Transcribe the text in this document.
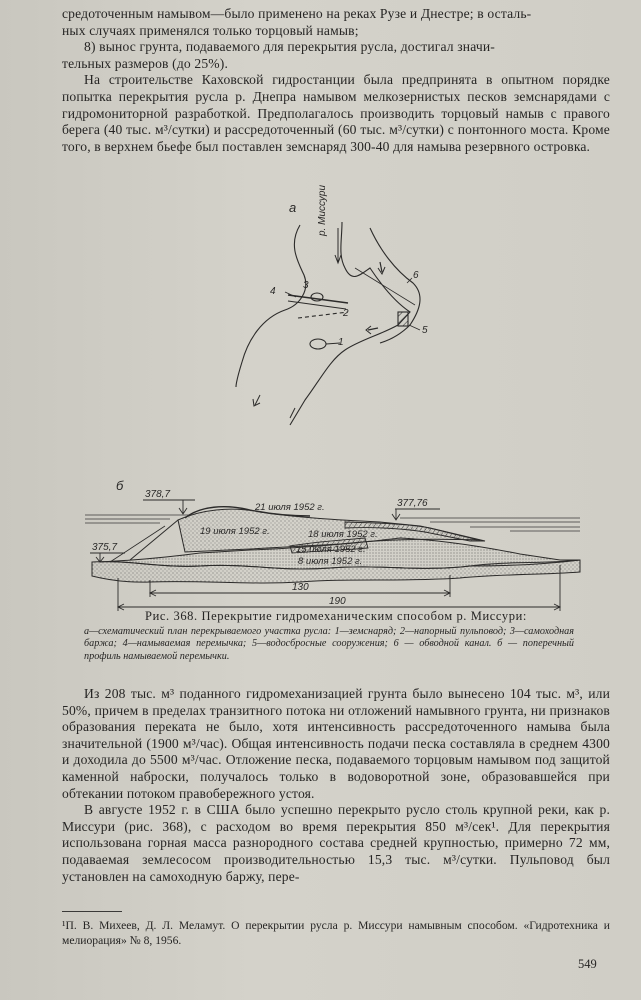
средоточенным намывом—было применено на реках Рузе и Днестре; в осталь-

ных случаях применялся только торцовый намыв;

8) вынос грунта, подаваемого для перекрытия русла, достигал значи-

тельных размеров (до 25%).

На строительстве Каховской гидростанции была предпринята в опытном порядке попытка перекрытия русла р. Днепра намывом мелкозернистых песков земснарядами с гидромониторной разработкой. Предполагалось производить торцовый намыв с правого берега (40 тыс. м³/сутки) и рассредоточенный (60 тыс. м³/сутки) с понтонного моста. Кроме того, в верхнем бьефе был поставлен земснаряд 300-40 для намыва резервного островка.

а р. Миссури
1
2
3
4
5
6
б
378,7
377,76
375,7
21 июля 1952 г.
19 июля 1952 г.	18 июля 1952 г.
15 июля 1952 г.
8 июля 1952 г.
130
190
Рис. 368. Перекрытие гидромеханическим способом р. Миссури:
а—схематический план перекрываемого участка русла: 1—земснаряд; 2—напорный пульповод; 3—самоходная баржа; 4—намываемая перемычка; 5—водосбросные сооружения; 6 — обводной канал. б — поперечный профиль намываемой перемычки.

Из 208 тыс. м³ поданного гидромеханизацией грунта было вынесено 104 тыс. м³, или 50%, причем в пределах транзитного потока ни отложений намывного грунта, ни признаков образования переката не было, хотя интенсивность рассредоточенного намыва была значительной (1900 м³/час). Общая интенсивность подачи песка составляла в среднем 4300 и доходила до 5500 м³/час. Отложение песка, подаваемого торцовым намывом под защитой каменной наброски, получалось только в водоворотной зоне, образовавшейся при обтекании потоком правобережного устоя.

В августе 1952 г. в США было успешно перекрыто русло столь крупной реки, как р. Миссури (рис. 368), с расходом во время перекрытия 850 м³/сек¹. Для перекрытия использована горная масса разнородного состава средней крупностью, примерно 72 мм, подаваемая землесосом производительностью 15,3 тыс. м³/сутки. Пульповод был установлен на самоходную баржу, пере-

¹П. В. Михеев, Д. Л. Меламут. О перекрытии русла р. Миссури намывным способом. «Гидротехника и мелиорация» № 8, 1956.
549
